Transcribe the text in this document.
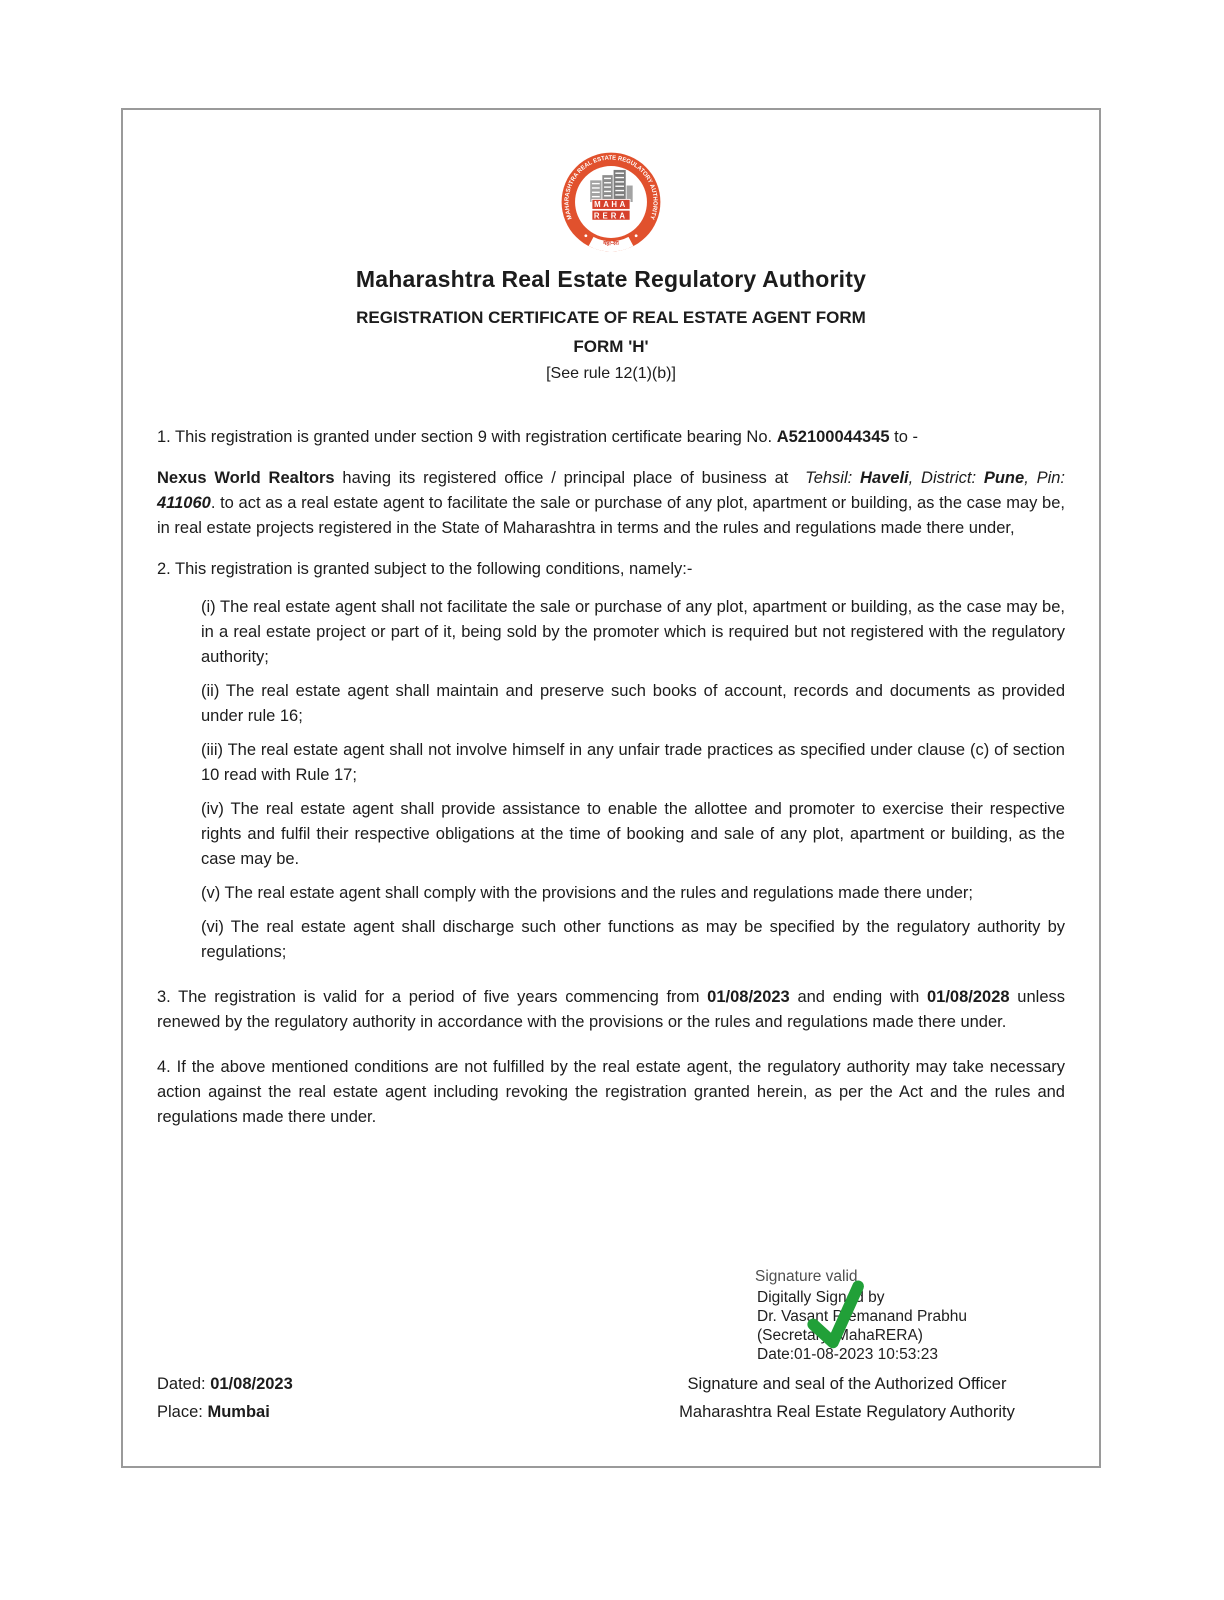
MAHARASHTRA REAL ESTATE REGULATORY AUTHORITY
MAHA
RERA
महा-रेरा
Maharashtra Real Estate Regulatory Authority
REGISTRATION CERTIFICATE OF REAL ESTATE AGENT FORM
FORM 'H'
[See rule 12(1)(b)]

1. This registration is granted under section 9 with registration certificate bearing No. A52100044345 to -

Nexus World Realtors having its registered office / principal place of business at Tehsil: Haveli, District: Pune, Pin: 411060. to act as a real estate agent to facilitate the sale or purchase of any plot, apartment or building, as the case may be, in real estate projects registered in the State of Maharashtra in terms and the rules and regulations made there under,

2. This registration is granted subject to the following conditions, namely:-

(i) The real estate agent shall not facilitate the sale or purchase of any plot, apartment or building, as the case may be, in a real estate project or part of it, being sold by the promoter which is required but not registered with the regulatory authority;

(ii) The real estate agent shall maintain and preserve such books of account, records and documents as provided under rule 16;

(iii) The real estate agent shall not involve himself in any unfair trade practices as specified under clause (c) of section 10 read with Rule 17;

(iv) The real estate agent shall provide assistance to enable the allottee and promoter to exercise their respective rights and fulfil their respective obligations at the time of booking and sale of any plot, apartment or building, as the case may be.

(v) The real estate agent shall comply with the provisions and the rules and regulations made there under;

(vi) The real estate agent shall discharge such other functions as may be specified by the regulatory authority by regulations;

3. The registration is valid for a period of five years commencing from 01/08/2023 and ending with 01/08/2028 unless renewed by the regulatory authority in accordance with the provisions or the rules and regulations made there under.

4. If the above mentioned conditions are not fulfilled by the real estate agent, the regulatory authority may take necessary action against the real estate agent including revoking the registration granted herein, as per the Act and the rules and regulations made there under.

Dated: 01/08/2023
Place: Mumbai
Signature valid
Digitally Signed by
Dr. Vasant Premanand Prabhu
(Secretary, MahaRERA)
Date:01-08-2023 10:53:23
Signature and seal of the Authorized Officer
Maharashtra Real Estate Regulatory Authority
